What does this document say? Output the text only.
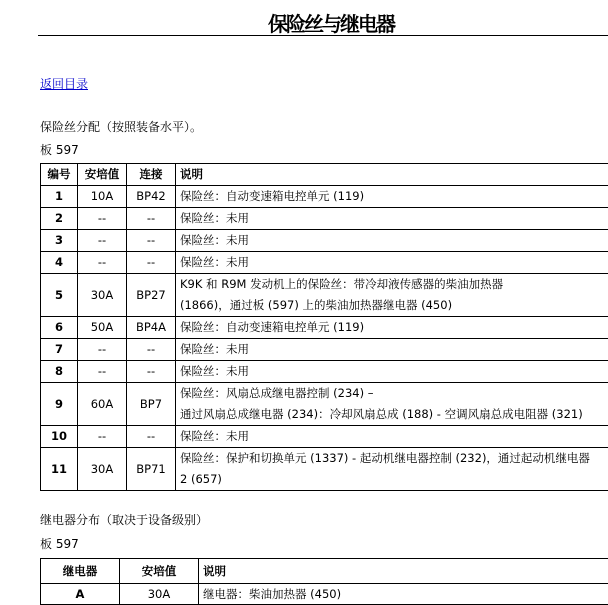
保险丝与继电器
返回目录
保险丝分配（按照装备水平）。
板 597
编号	安培值	连接	说明
1	10A	BP42	保险丝：自动变速箱电控单元 (119)

2	--	--	保险丝：未用

3	--	--	保险丝：未用

4	--	--	保险丝：未用

5	30A	BP27	K9K 和 R9M 发动机上的保险丝：带冷却液传感器的柴油加热器
(1866)，通过板 (597) 上的柴油加热器继电器 (450)

6	50A	BP4A	保险丝：自动变速箱电控单元 (119)

7	--	--	保险丝：未用

8	--	--	保险丝：未用

9	60A	BP7	保险丝：风扇总成继电器控制 (234) –
通过风扇总成继电器 (234)：冷却风扇总成 (188) - 空调风扇总成电阻器 (321)

10	--	--	保险丝：未用

11	30A	BP71	保险丝：保护和切换单元 (1337) - 起动机继电器控制 (232)，通过起动机继电器
2 (657)
继电器分布（取决于设备级别）
板 597
继电器	安培值	说明
A	30A	继电器：柴油加热器 (450)
